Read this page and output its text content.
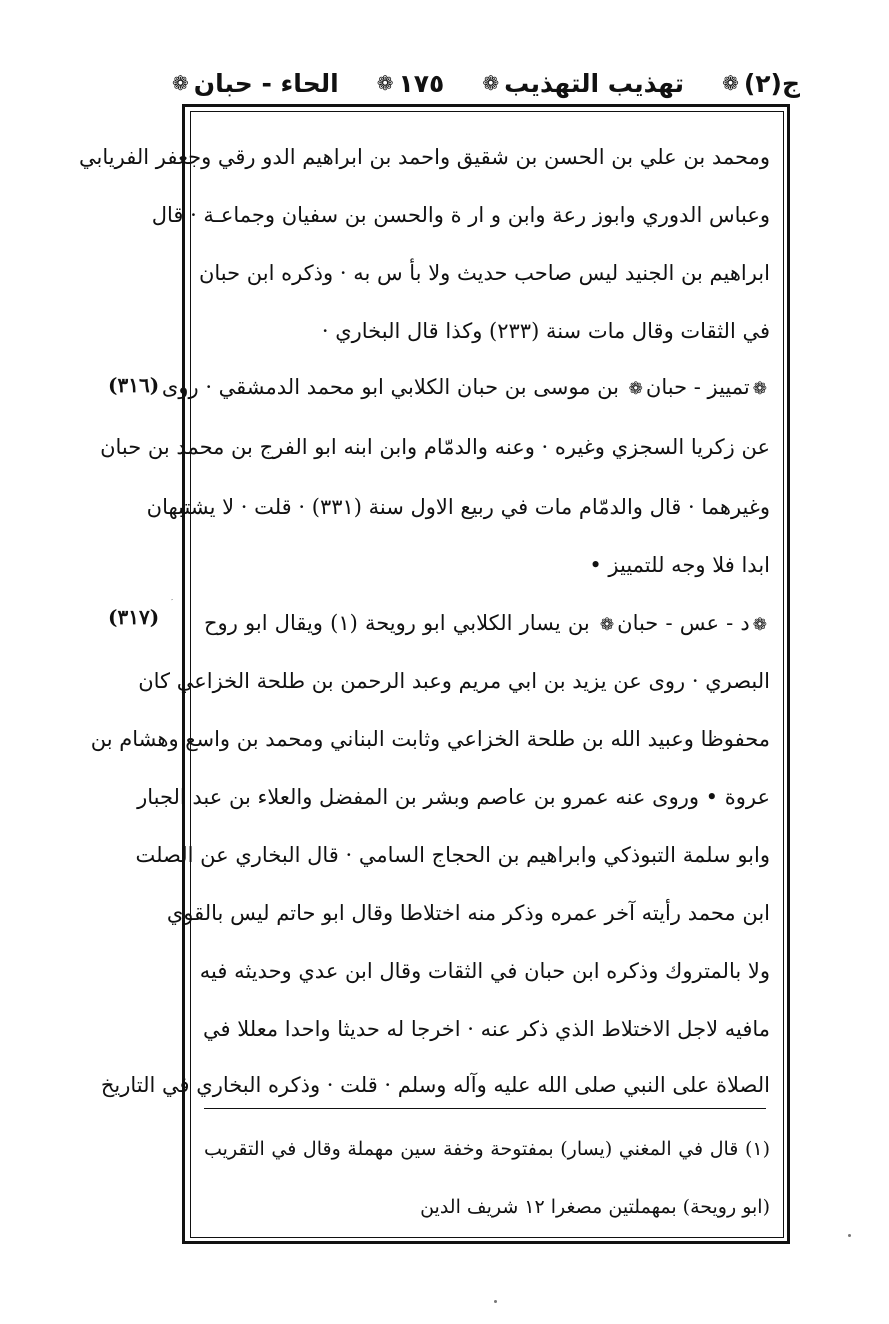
ج(٢)
❁
تهذيب التهذيب
❁
١٧٥
❁
الحاء - حبان
❁
ومحمد بن علي بن الحسن بن شقيق واحمد بن ابراهيم الدو رقي وجعفر الفريابي
وعباس الدوري وابوز رعة وابن و ار ة والحسن بن سفيان وجماعـة · قال
ابراهيم بن الجنيد ليس صاحب حديث ولا بأ س به · وذكره ابن حبان
في الثقات وقال مات سنة (٢٣٣) وكذا قال البخاري ·
(٣١٦)	❁تمييز - حبان❁ بن موسى بن حبان الكلابي ابو محمد الدمشقي · روى
عن زكريا السجزي وغيره · وعنه والدمّام وابن ابنه ابو الفرج بن محمد بن حبان
وغيرهما · قال والدمّام مات في ربيع الاول سنة (٣٣١) · قلت · لا يشتبهان
ابدا فلا وجه للتمييز •
(٣١٧)	❁د - عس - حبان❁ بن يسار الكلابي ابو رويحة (١) ويقال ابو روح
البصري · روى عن يزيد بن ابي مريم وعبد الرحمن بن طلحة الخزاعي كان
محفوظا وعبيد الله بن طلحة الخزاعي وثابت البناني ومحمد بن واسع وهشام بن
عروة • وروى عنه عمرو بن عاصم وبشر بن المفضل والعلاء بن عبد الجبار
وابو سلمة التبوذكي وابراهيم بن الحجاج السامي · قال البخاري عن الصلت
ابن محمد رأيته آخر عمره وذكر منه اختلاطا وقال ابو حاتم ليس بالقوي
ولا بالمتروك وذكره ابن حبان في الثقات وقال ابن عدي وحديثه فيه
مافيه لاجل الاختلاط الذي ذكر عنه · اخرجا له حديثا واحدا معللا في
الصلاة على النبي صلى الله عليه وآله وسلم · قلت · وذكره البخاري في التاريخ
(١) قال في المغني (يسار) بمفتوحة وخفة سين مهملة وقال في التقريب
(ابو رويحة) بمهملتين مصغرا ١٢ شريف الدين
